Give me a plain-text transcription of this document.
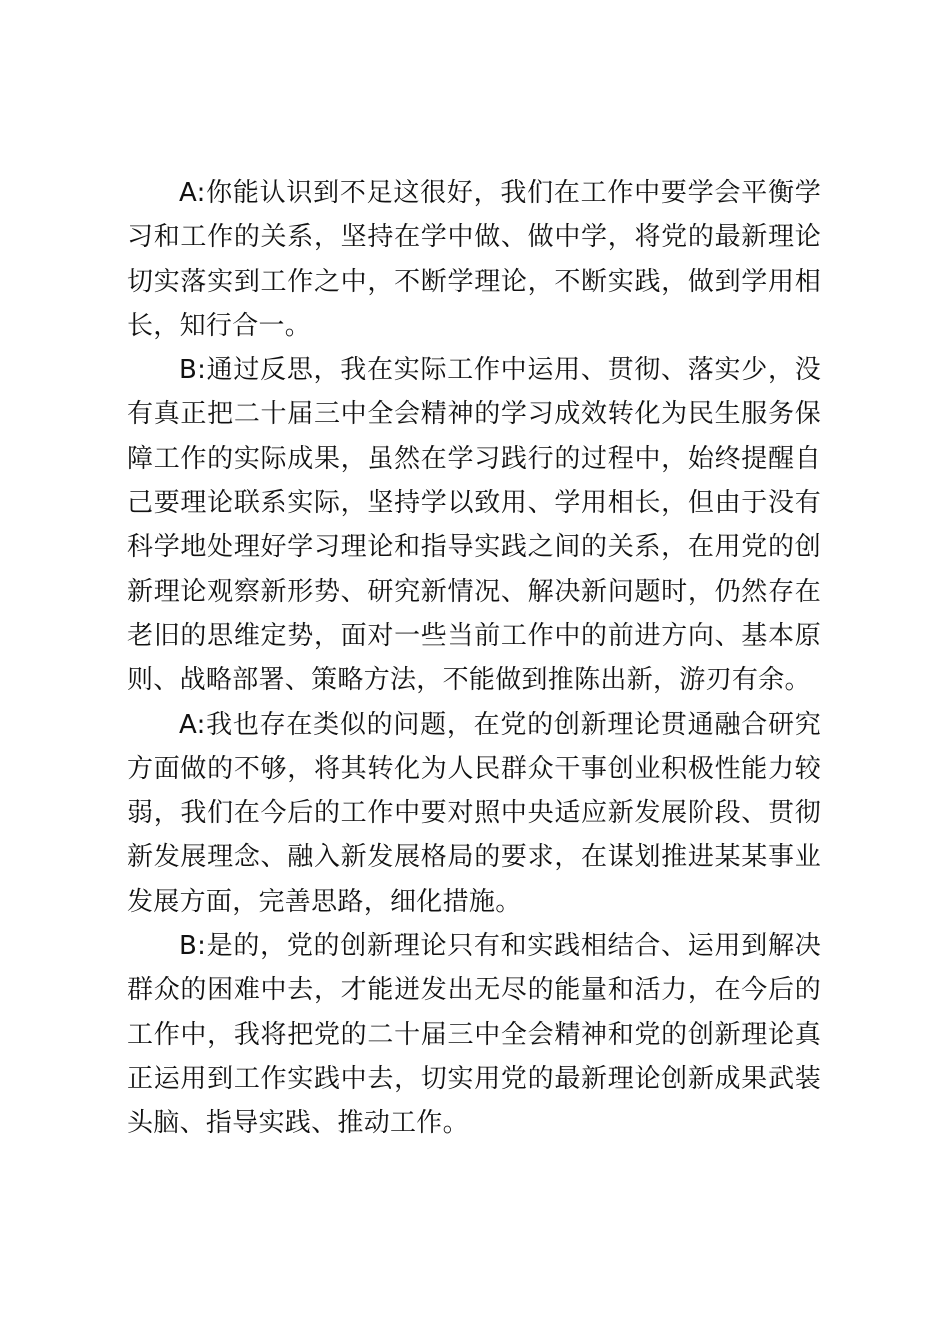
A:你能认识到不足这很好，我们在工作中要学会平衡学习和工作的关系，坚持在学中做、做中学，将党的最新理论切实落实到工作之中，不断学理论，不断实践，做到学用相长，知行合一。

B:通过反思，我在实际工作中运用、贯彻、落实少，没有真正把二十届三中全会精神的学习成效转化为民生服务保障工作的实际成果，虽然在学习践行的过程中，始终提醒自己要理论联系实际，坚持学以致用、学用相长，但由于没有科学地处理好学习理论和指导实践之间的关系，在用党的创新理论观察新形势、研究新情况、解决新问题时，仍然存在老旧的思维定势，面对一些当前工作中的前进方向、基本原则、战略部署、策略方法，不能做到推陈出新，游刃有余。

A:我也存在类似的问题，在党的创新理论贯通融合研究方面做的不够，将其转化为人民群众干事创业积极性能力较弱，我们在今后的工作中要对照中央适应新发展阶段、贯彻新发展理念、融入新发展格局的要求，在谋划推进某某事业发展方面，完善思路，细化措施。

B:是的，党的创新理论只有和实践相结合、运用到解决群众的困难中去，才能迸发出无尽的能量和活力，在今后的工作中，我将把党的二十届三中全会精神和党的创新理论真正运用到工作实践中去，切实用党的最新理论创新成果武装头脑、指导实践、推动工作。
